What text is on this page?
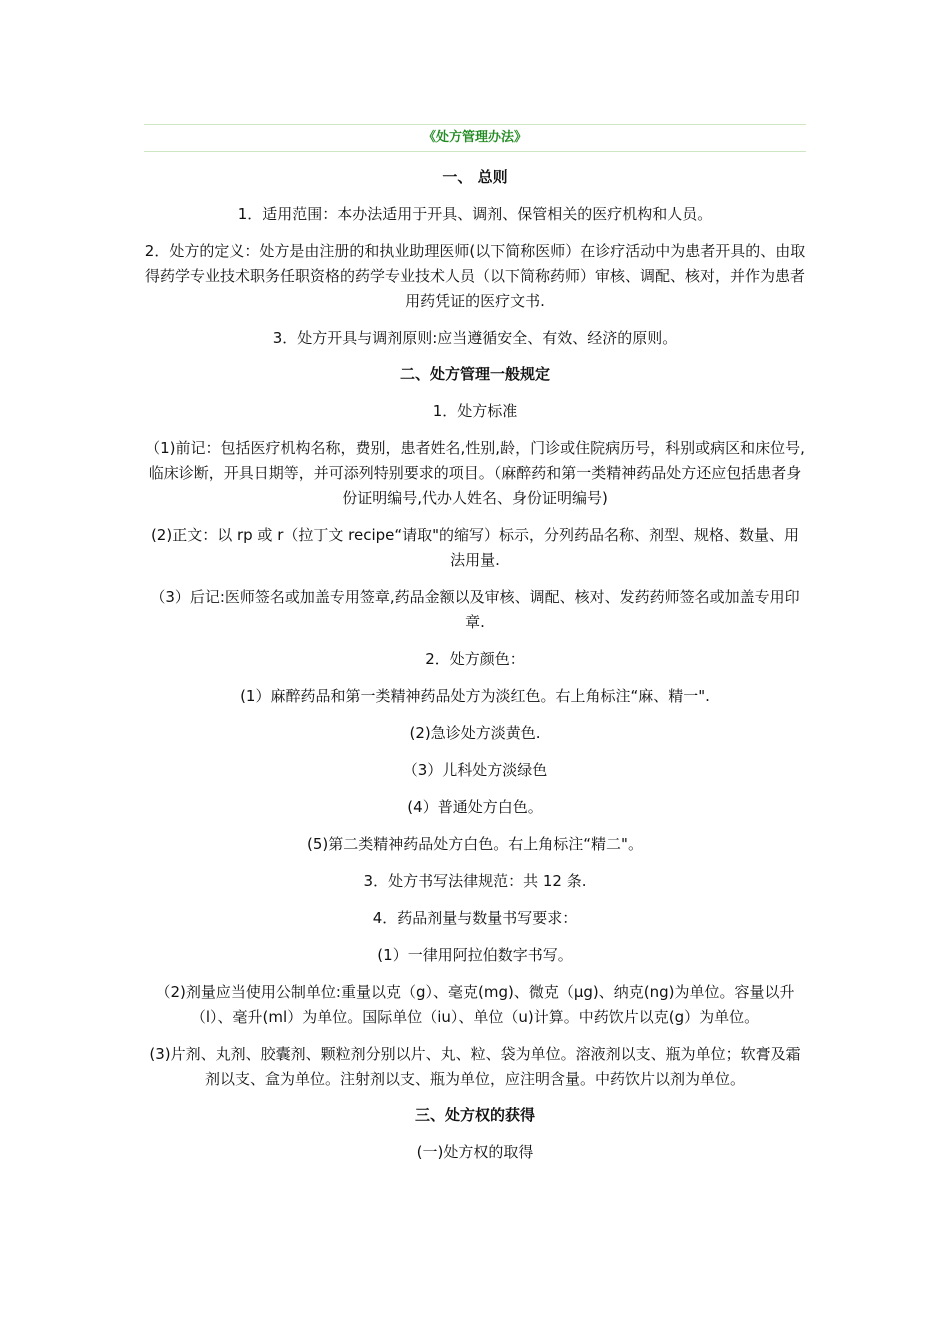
《处方管理办法》
一、 总则

1．适用范围：本办法适用于开具、调剂、保管相关的医疗机构和人员。

2．处方的定义：处方是由注册的和执业助理医师(以下简称医师）在诊疗活动中为患者开具的、由取得药学专业技术职务任职资格的药学专业技术人员（以下简称药师）审核、调配、核对，并作为患者用药凭证的医疗文书.

3．处方开具与调剂原则:应当遵循安全、有效、经济的原则。

二、处方管理一般规定

1．处方标准

（1)前记：包括医疗机构名称，费别，患者姓名,性别,龄，门诊或住院病历号，科别或病区和床位号,临床诊断，开具日期等，并可添列特别要求的项目。（麻醉药和第一类精神药品处方还应包括患者身份证明编号,代办人姓名、身份证明编号)

(2)正文：以 rp 或 r（拉丁文 recipe“请取"的缩写）标示，分列药品名称、剂型、规格、数量、用法用量.

（3）后记:医师签名或加盖专用签章,药品金额以及审核、调配、核对、发药药师签名或加盖专用印章.

2．处方颜色：

(1）麻醉药品和第一类精神药品处方为淡红色。右上角标注“麻、精一".

(2)急诊处方淡黄色.

（3）儿科处方淡绿色

(4）普通处方白色。

(5)第二类精神药品处方白色。右上角标注“精二"。

3．处方书写法律规范：共 12 条.

4．药品剂量与数量书写要求：

(1）一律用阿拉伯数字书写。

（2)剂量应当使用公制单位:重量以克（g）、毫克(mg)、微克（μg)、纳克(ng)为单位。容量以升（l）、毫升(ml）为单位。国际单位（iu）、单位（u)计算。中药饮片以克(g）为单位。

(3)片剂、丸剂、胶囊剂、颗粒剂分别以片、丸、粒、袋为单位。溶液剂以支、瓶为单位；软膏及霜剂以支、盒为单位。注射剂以支、瓶为单位，应注明含量。中药饮片以剂为单位。

三、处方权的获得

(一)处方权的取得
